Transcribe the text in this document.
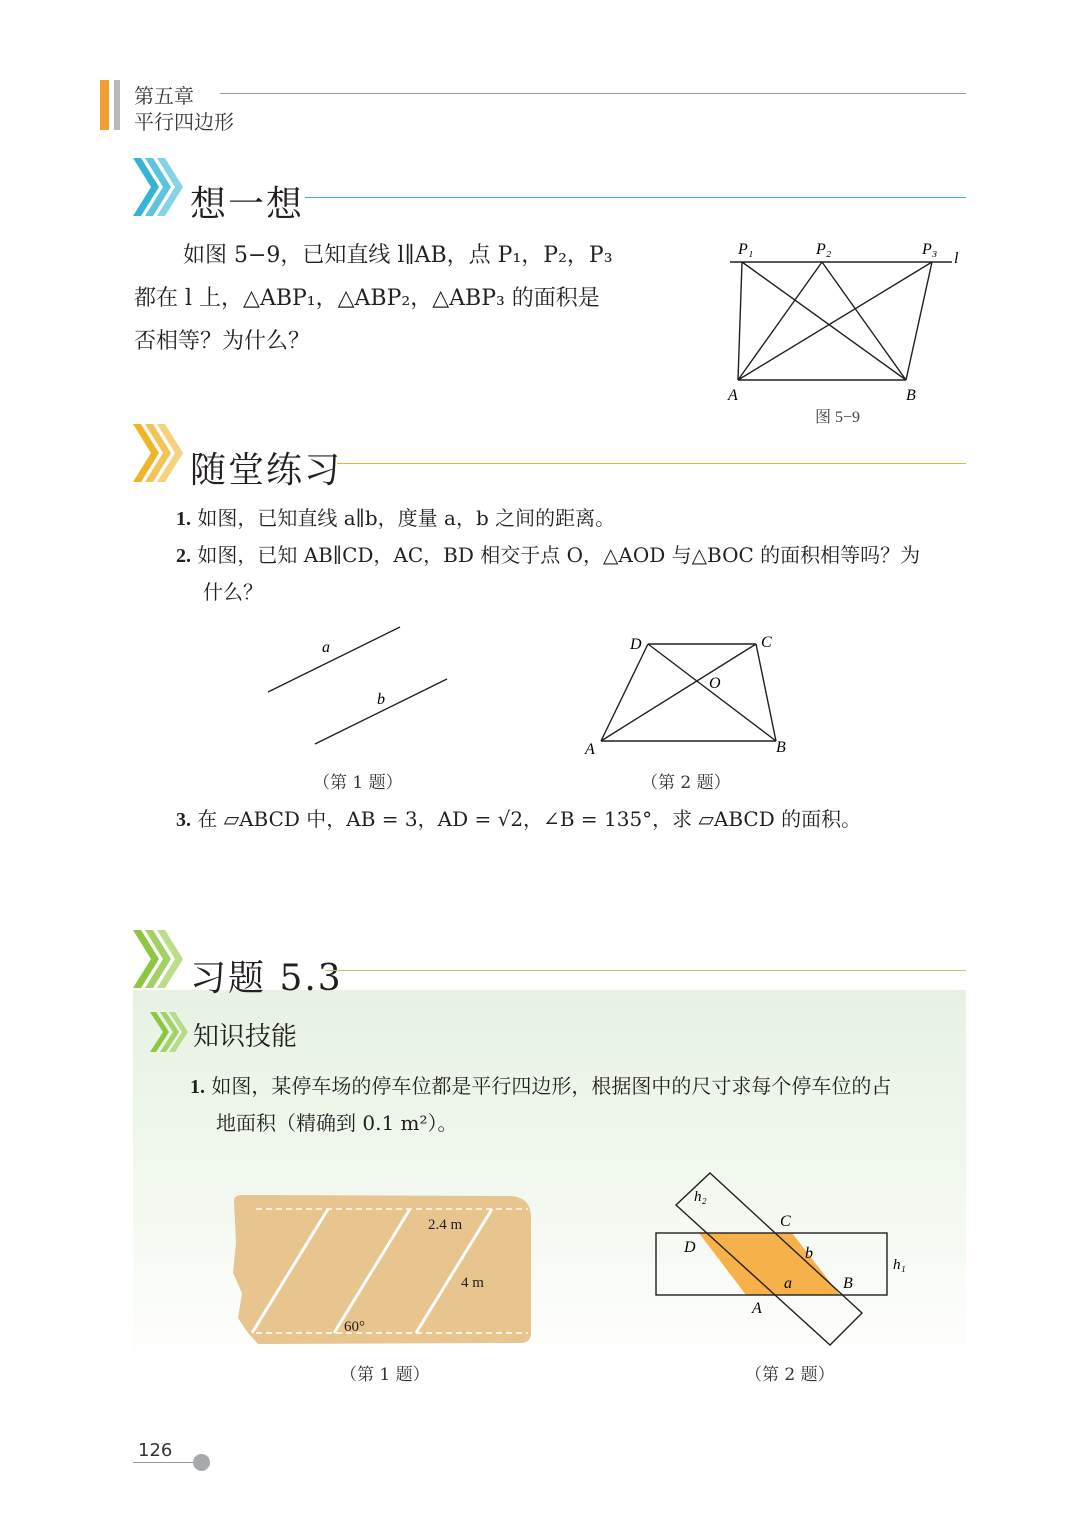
第五章
平行四边形
想一想
如图 5−9，已知直线 l∥AB，点 P₁，P₂，P₃
都在 l 上，△ABP₁，△ABP₂，△ABP₃ 的面积是
否相等？为什么？
P₁	P₂	P₃
l
A	B
图 5−9
随堂练习
1. 如图，已知直线 a∥b，度量 a，b 之间的距离。
2. 如图，已知 AB∥CD，AC，BD 相交于点 O，△AOD 与△BOC 的面积相等吗？为
什么？
a
b
（第 1 题）
D	C
O
A	B
（第 2 题）
3. 在 ▱ABCD 中，AB = 3，AD = √2，∠B = 135°，求 ▱ABCD 的面积。
习题 5.3
知识技能
1. 如图，某停车场的停车位都是平行四边形，根据图中的尺寸求每个停车位的占
地面积（精确到 0.1 m²）。
2.4 m
4 m
60°
（第 1 题）
h₂
C
D	b
h₁
a	B
A
（第 2 题）
126
